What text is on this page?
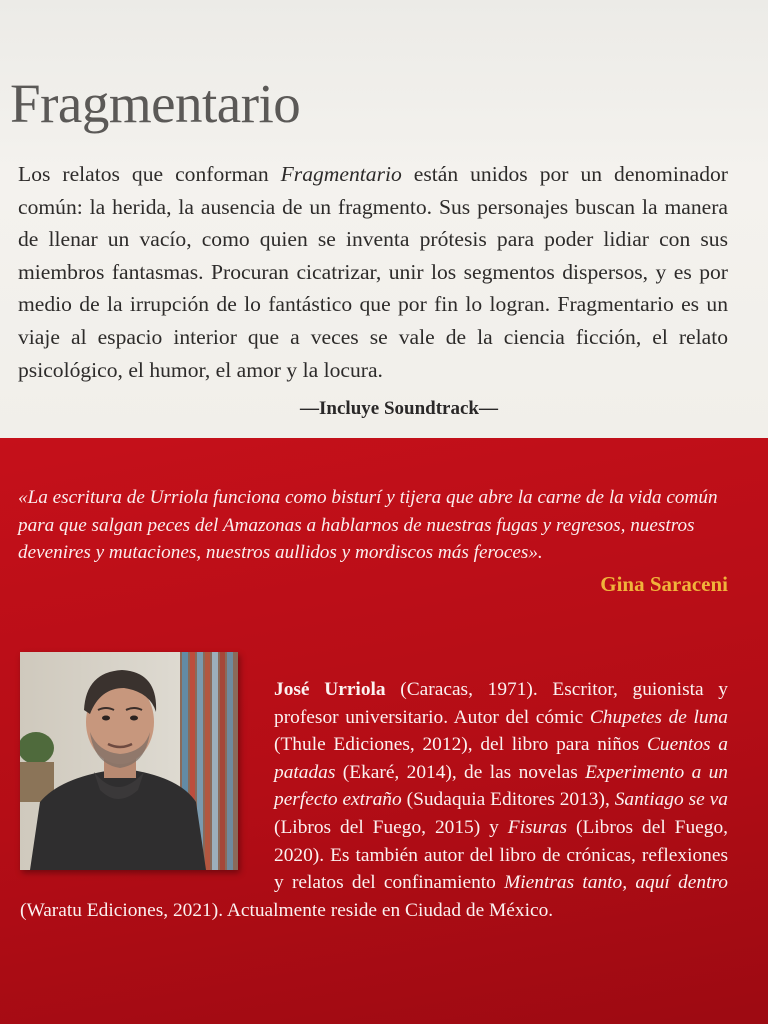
Fragmentario

Los relatos que conforman Fragmentario están unidos por un denominador común: la herida, la ausencia de un fragmento. Sus personajes buscan la manera de llenar un vacío, como quien se inventa prótesis para poder lidiar con sus miembros fantasmas. Procuran cicatrizar, unir los segmentos dispersos, y es por medio de la irrupción de lo fantástico que por fin lo logran. Fragmentario es un viaje al espacio interior que a veces se vale de la ciencia ficción, el relato psicológico, el humor, el amor y la locura.

—Incluye Soundtrack—

«La escritura de Urriola funciona como bisturí y tijera que abre la carne de la vida común para que salgan peces del Amazonas a hablarnos de nuestras fugas y regresos, nuestros devenires y mutaciones, nuestros aullidos y mordiscos más feroces».

Gina Saraceni

José Urriola (Caracas, 1971). Escritor, guionista y profesor universitario. Autor del cómic Chupetes de luna (Thule Ediciones, 2012), del libro para niños Cuentos a patadas (Ekaré, 2014), de las novelas Experimento a un perfecto extraño (Sudaquia Editores 2013), Santiago se va (Libros del Fuego, 2015) y Fisuras (Libros del Fuego, 2020). Es también autor del libro de crónicas, reflexiones y relatos del confinamiento Mientras tanto, aquí dentro (Waratu Ediciones, 2021). Actualmente reside en Ciudad de México.
